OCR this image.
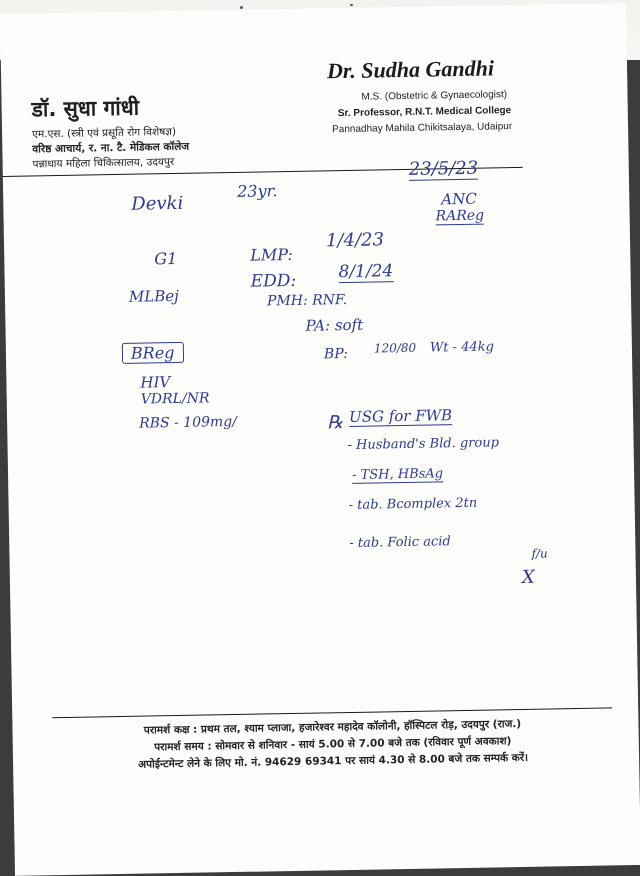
डॉ. सुधा गांधी
एम.एस. (स्त्री एवं प्रसूति रोग विशेषज्ञ)
वरिष्ठ आचार्य, र. ना. टै. मेडिकल कॉलेज
पन्नाधाय महिला चिकित्सालय, उदयपुर
Dr. Sudha Gandhi
M.S. (Obstetric & Gynaecologist)
Sr. Professor, R.N.T. Medical College
Pannadhay Mahila Chikitsalaya, Udaipur
23/5/23
ANC
RAReg
Devki
23yr.
G1	LMP:
1/4/23
MLBej
EDD: 8/1/24
PMH: RNF.
PA: soft
BReg	BP: 120/80 Wt - 44kg
HIV
VDRL/NR
RBS - 109mg/	℞ USG for FWB
- Husband's Bld. group
- TSH, HBsAg
- tab. Bcomplex 2tn
- tab. Folic acid
f/u
X
परामर्श कक्ष : प्रथम तल, श्याम प्लाजा, हजारेश्वर महादेव कॉलोनी, हॉस्पिटल रोड़, उदयपुर (राज.)
परामर्श समय : सोमवार से शनिवार - सायं 5.00 से 7.00 बजे तक (रविवार पूर्ण अवकाश)
अपोईन्टमेन्ट लेने के लिए मो. नं. 94629 69341 पर सायं 4.30 से 8.00 बजे तक सम्पर्क करें।
